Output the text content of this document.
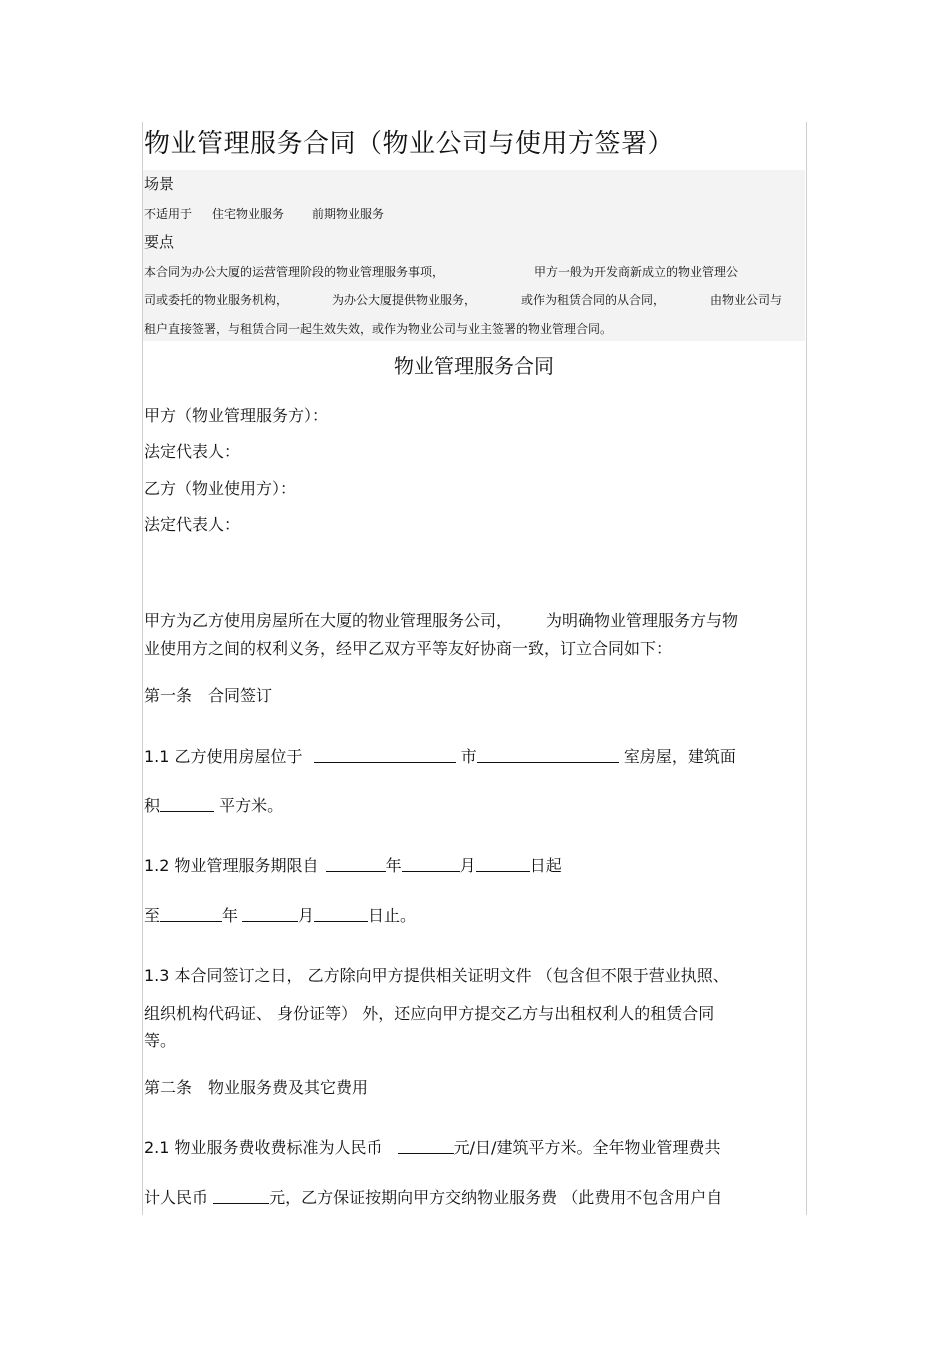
物业管理服务合同（物业公司与使用方签署）
场景
不适用于 住宅物业服务 前期物业服务
要点
本合同为办公大厦的运营管理阶段的物业管理服务事项，	甲方一般为开发商新成立的物业管理公
司或委托的物业服务机构，	为办公大厦提供物业服务，	或作为租赁合同的从合同，	由物业公司与
租户直接签署，与租赁合同一起生效失效，或作为物业公司与业主签署的物业管理合同。
物业管理服务合同
甲方（物业管理服务方）：
法定代表人：
乙方（物业使用方）：
法定代表人：
甲方为乙方使用房屋所在大厦的物业管理服务公司， 为明确物业管理服务方与物
业使用方之间的权利义务，经甲乙双方平等友好协商一致，订立合同如下：
第一条　合同签订
1.1 乙方使用房屋位于	市	室房屋，建筑面
积	平方米。
1.2 物业管理服务期限自	年	月	日起
至	年	月	日止。
1.3 本合同签订之日， 乙方除向甲方提供相关证明文件 （包含但不限于营业执照、
组织机构代码证、 身份证等） 外，还应向甲方提交乙方与出租权利人的租赁合同
等。
第二条　物业服务费及其它费用
2.1 物业服务费收费标准为人民币	元/日/建筑平方米。全年物业管理费共
计人民币	元，乙方保证按期向甲方交纳物业服务费 （此费用不包含用户自
